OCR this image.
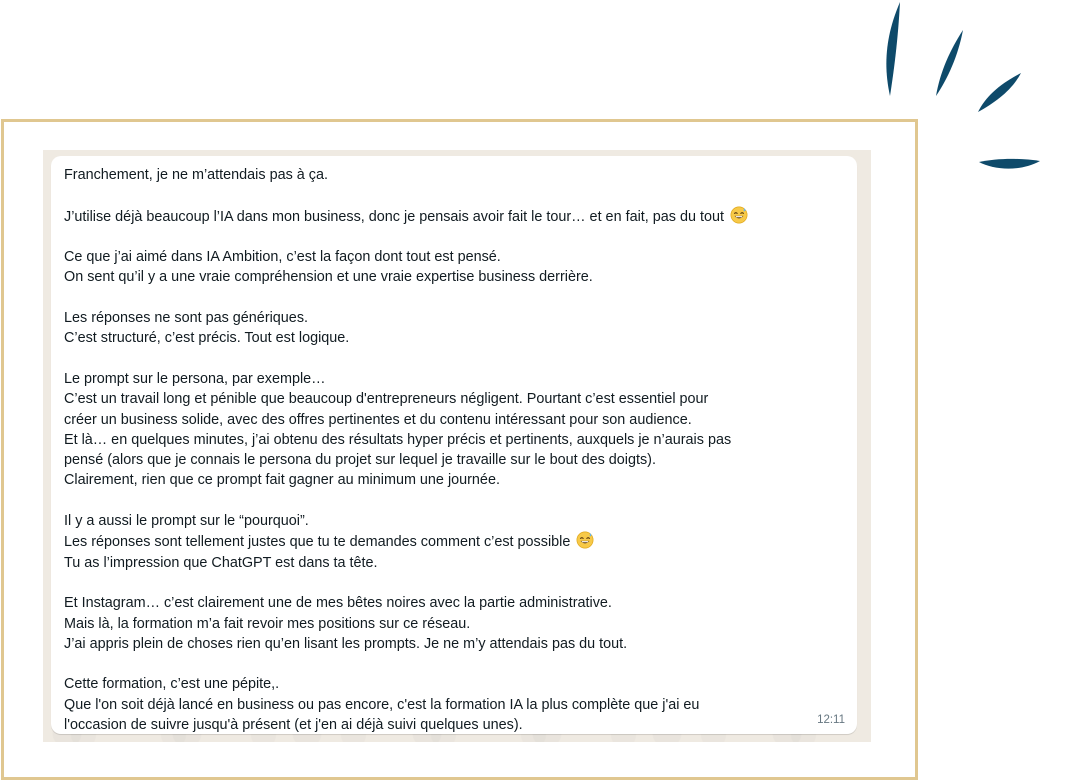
Franchement, je ne m’attendais pas à ça.
J’utilise déjà beaucoup l’IA dans mon business, donc je pensais avoir fait le tour… et en fait, pas du tout
Ce que j’ai aimé dans IA Ambition, c’est la façon dont tout est pensé.
On sent qu’il y a une vraie compréhension et une vraie expertise business derrière.
Les réponses ne sont pas génériques.
C’est structuré, c’est précis. Tout est logique.
Le prompt sur le persona, par exemple…
C’est un travail long et pénible que beaucoup d'entrepreneurs négligent. Pourtant c’est essentiel pour
créer un business solide, avec des offres pertinentes et du contenu intéressant pour son audience.
Et là… en quelques minutes, j’ai obtenu des résultats hyper précis et pertinents, auxquels je n’aurais pas
pensé (alors que je connais le persona du projet sur lequel je travaille sur le bout des doigts).
Clairement, rien que ce prompt fait gagner au minimum une journée.
Il y a aussi le prompt sur le “pourquoi”.
Les réponses sont tellement justes que tu te demandes comment c’est possible
Tu as l’impression que ChatGPT est dans ta tête.
Et Instagram… c’est clairement une de mes bêtes noires avec la partie administrative.
Mais là, la formation m’a fait revoir mes positions sur ce réseau.
J’ai appris plein de choses rien qu’en lisant les prompts. Je ne m’y attendais pas du tout.
Cette formation, c’est une pépite,.
Que l'on soit déjà lancé en business ou pas encore, c'est la formation IA la plus complète que j'ai eu
l'occasion de suivre jusqu'à présent (et j'en ai déjà suivi quelques unes).	12:11
